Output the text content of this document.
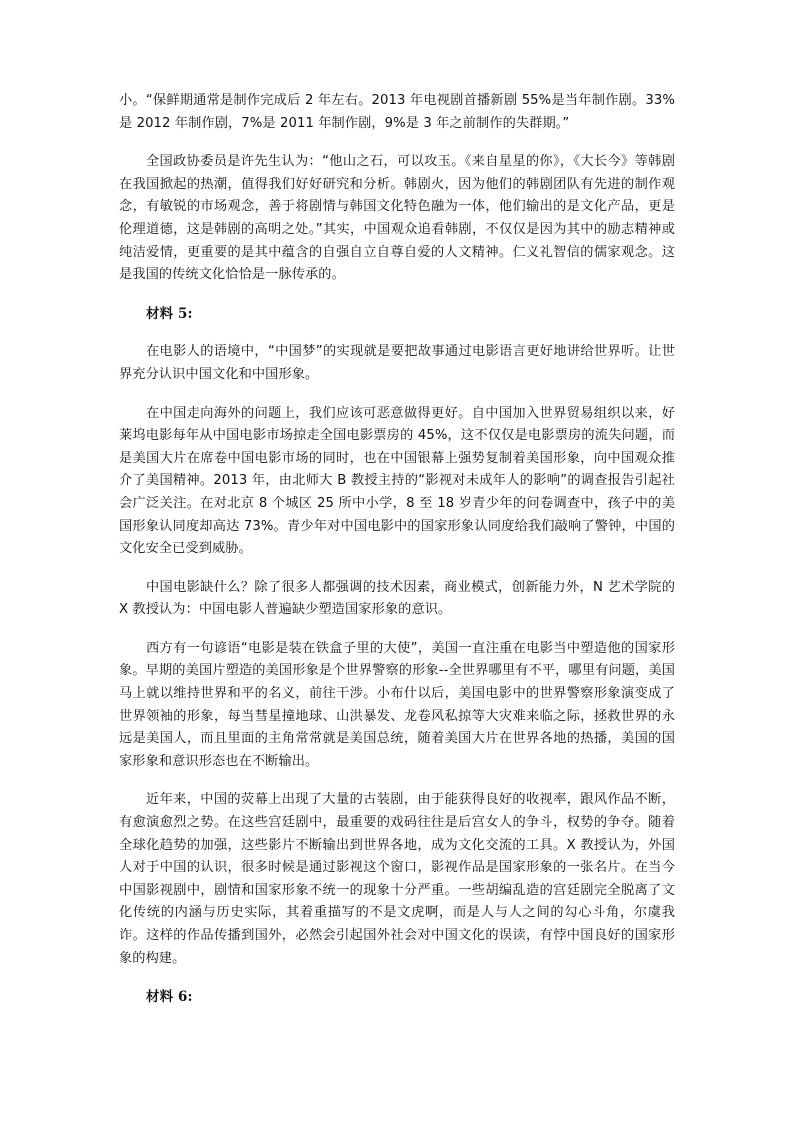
小。“保鲜期通常是制作完成后 2 年左右。2013 年电视剧首播新剧 55%是当年制作剧。33%是 2012 年制作剧，7%是 2011 年制作剧，9%是 3 年之前制作的失群期。”

全国政协委员是许先生认为：“他山之石，可以攻玉。《来自星星的你》，《大长今》等韩剧在我国掀起的热潮，值得我们好好研究和分析。韩剧火，因为他们的韩剧团队有先进的制作观念，有敏锐的市场观念，善于将剧情与韩国文化特色融为一体，他们输出的是文化产品，更是伦理道德，这是韩剧的高明之处。”其实，中国观众追看韩剧，不仅仅是因为其中的励志精神或纯洁爱情，更重要的是其中蕴含的自强自立自尊自爱的人文精神。仁义礼智信的儒家观念。这是我国的传统文化恰恰是一脉传承的。

材料 5:

在电影人的语境中，“中国梦”的实现就是要把故事通过电影语言更好地讲给世界听。让世界充分认识中国文化和中国形象。

在中国走向海外的问题上，我们应该可恶意做得更好。自中国加入世界贸易组织以来，好莱坞电影每年从中国电影市场掠走全国电影票房的 45%，这不仅仅是电影票房的流失问题，而是美国大片在席卷中国电影市场的同时，也在中国银幕上强势复制着美国形象，向中国观众推介了美国精神。2013 年，由北师大 B 教授主持的“影视对未成年人的影响”的调查报告引起社会广泛关注。在对北京 8 个城区 25 所中小学，8 至 18 岁青少年的问卷调查中，孩子中的美国形象认同度却高达 73%。青少年对中国电影中的国家形象认同度给我们敲响了警钟，中国的文化安全已受到威胁。

中国电影缺什么？除了很多人都强调的技术因素，商业模式，创新能力外，N 艺术学院的 X 教授认为：中国电影人普遍缺少塑造国家形象的意识。

西方有一句谚语“电影是装在铁盒子里的大使”，美国一直注重在电影当中塑造他的国家形象。早期的美国片塑造的美国形象是个世界警察的形象--全世界哪里有不平，哪里有问题，美国马上就以维持世界和平的名义，前往干涉。小布什以后，美国电影中的世界警察形象演变成了世界领袖的形象，每当彗星撞地球、山洪暴发、龙卷风私掠等大灾难来临之际，拯救世界的永远是美国人，而且里面的主角常常就是美国总统，随着美国大片在世界各地的热播，美国的国家形象和意识形态也在不断输出。

近年来，中国的荧幕上出现了大量的古装剧，由于能获得良好的收视率，跟风作品不断，有愈演愈烈之势。在这些宫廷剧中，最重要的戏码往往是后宫女人的争斗，权势的争夺。随着全球化趋势的加强，这些影片不断输出到世界各地，成为文化交流的工具。X 教授认为，外国人对于中国的认识，很多时候是通过影视这个窗口，影视作品是国家形象的一张名片。在当今中国影视剧中，剧情和国家形象不统一的现象十分严重。一些胡编乱造的宫廷剧完全脱离了文化传统的内涵与历史实际，其着重描写的不是文虎啊，而是人与人之间的勾心斗角，尔虞我诈。这样的作品传播到国外，必然会引起国外社会对中国文化的误读，有悖中国良好的国家形象的构建。

材料 6:
